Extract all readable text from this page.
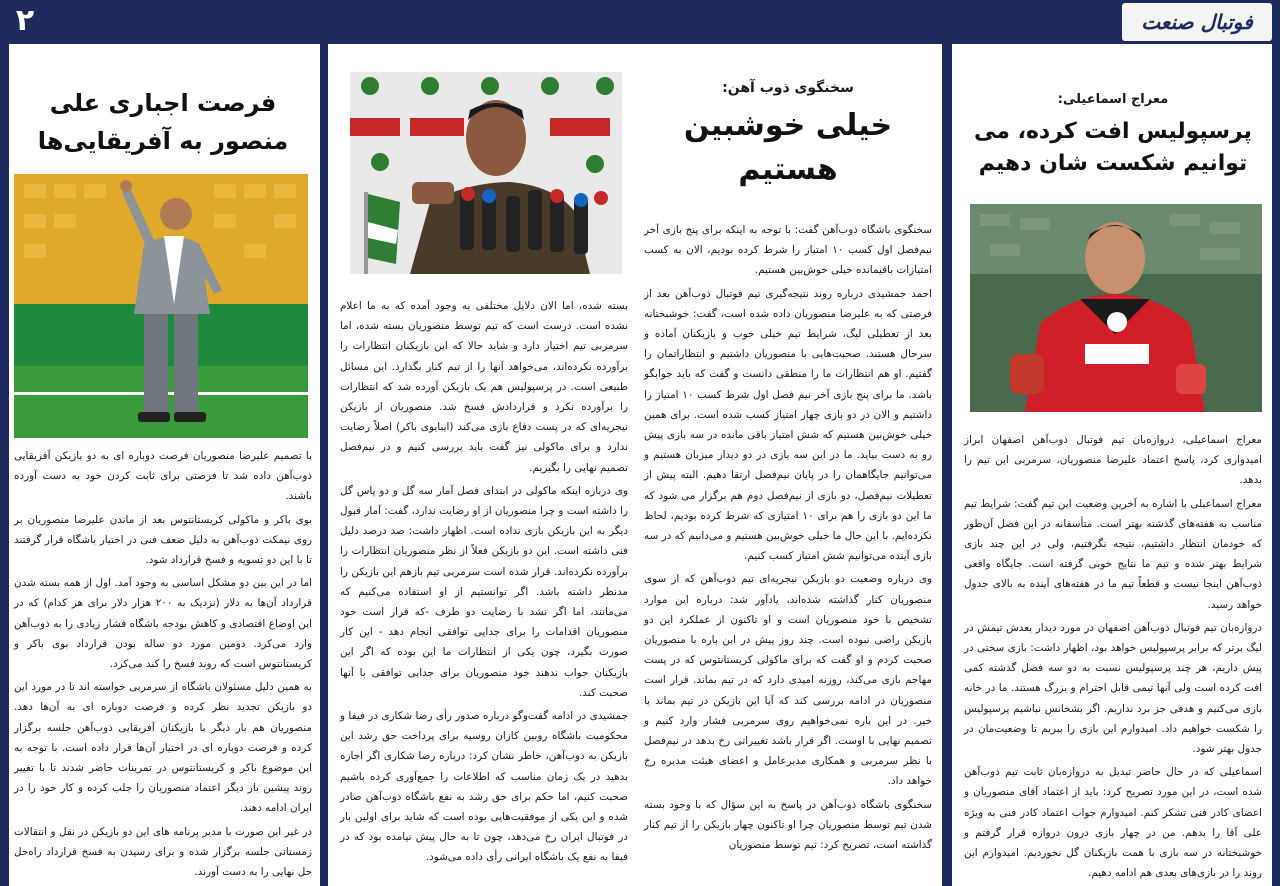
۲	فوتبال صنعت
معراج اسماعیلی:
پرسپولیس افت کرده، می توانیم شکست شان دهیم

معراج اسماعیلی، دروازه‌بان تیم فوتبال ذوب‌آهن اصفهان ابراز امیدواری کرد، پاسخ اعتماد علیرضا منصوریان، سرمربی این تیم را بدهد.

معراج اسماعیلی با اشاره به آخرین وضعیت این تیم گفت: شرایط تیم مناسب به هفته‌های گذشته بهتر است. متأسفانه در این فصل آن‌طور که خودمان انتظار داشتیم، نتیجه نگرفتیم، ولی در این چند بازی شرایط بهتر شده و تیم ما نتایج خوبی گرفته است. جایگاه واقعی ذوب‌آهن اینجا نیست و قطعاً تیم ما در هفته‌های آینده به بالای جدول خواهد رسید.

دروازه‌بان تیم فوتبال ذوب‌آهن اصفهان در مورد دیدار بعدش تیمش در لیگ برتر که برابر پرسپولیس خواهد بود، اظهار داشت: بازی سختی در پیش داریم، هر چند پرسپولیس نسبت به دو سه فصل گذشته کمی افت کرده است ولی آنها تیمی قابل احترام و بزرگ هستند. ما در خانه بازی می‌کنیم و هدفی جز برد نداریم. اگر بشخانس نباشیم پرسپولیس را شکست خواهیم داد. امیدوارم این بازی را ببریم تا وضعیت‌مان در جدول بهتر شود.

اسماعیلی که در حال حاضر تبدیل به دروازه‌بان ثابت تیم ذوب‌آهن شده است، در این مورد تصریح کرد: باید از اعتماد آقای منصوریان و اعضای کادر فنی تشکر کنم. امیدوارم جواب اعتماد کادر فنی به ویژه علی آقا را بدهم. من در چهار بازی درون دروازه قرار گرفتم و خوشبختانه در سه بازی با همت بازیکنان گل نخوردیم. امیدوارم این روند را در بازی‌های بعدی هم ادامه دهیم.

سخنگوی ذوب آهن:
خیلی خوشبین هستیم

سخنگوی باشگاه ذوب‌آهن گفت: با توجه به اینکه برای پنج بازی آخر نیم‌فصل اول کسب ۱۰ امتیاز را شرط کرده بودیم، الان به کسب امتیازات باقیمانده خیلی خوش‌بین هستیم.

احمد جمشیدی درباره روند نتیجه‌گیری تیم فوتبال ذوب‌آهن بعد از فرصتی که به علیرضا منصوریان داده شده است، گفت: خوشبختانه بعد از تعطیلی لیگ، شرایط تیم خیلی خوب و بازیکنان آماده و سرحال هستند. صحبت‌هایی با منصوریان داشتیم و انتظاراتمان را گفتیم. او هم انتظارات ما را منطقی دانست و گفت که باید جوابگو باشد. ما برای پنج بازی آخر نیم فصل اول شرط کسب ۱۰ امتیاز را داشتیم و الان در دو بازی چهار امتیاز کسب شده است. برای همین خیلی خوش‌بین هستیم که شش امتیاز باقی مانده در سه بازی پیش رو به دست بیاید. ما در این سه بازی در دو دیدار میزبان هستیم و می‌توانیم جایگاهمان را در پایان نیم‌فصل ارتقا دهیم. البته پیش از تعطیلات نیم‌فصل، دو بازی از نیم‌فصل دوم هم برگزار می شود که ما این دو بازی را هم برای ۱۰ امتیازی که شرط کرده بودیم، لحاظ نکرده‌ایم. با این حال ما خیلی خوش‌بین هستیم و می‌دانیم که در سه بازی آینده می‌توانیم شش امتیاز کسب کنیم.

وی درباره وضعیت دو بازیکن نیجریه‌ای تیم ذوب‌آهن که از سوی منصوریان کنار گذاشته شده‌اند، یادآور شد: درباره این موارد تشخیص با خود منصوریان است و او تاکنون از عملکرد این دو بازیکن راضی نبوده است. چند روز پیش در این باره با منصوریان صحبت کردم و او گفت که برای ماکولی کریستانتوس که در پست مهاجم بازی می‌کند، روزنه امیدی دارد که در تیم بماند. قرار است منصوریان در ادامه بررسی کند که آیا این بازیکن در تیم بماند یا خیر. در این باره نمی‌خواهیم روی سرمربی فشار وارد کنیم و تصمیم نهایی با اوست. اگر قرار باشد تغییراتی رخ بدهد در نیم‌فصل با نظر سرمربی و همکاری مدیرعامل و اعضای هیئت مدیره رخ خواهد داد.

سخنگوی باشگاه ذوب‌آهن در پاسخ به این سؤال که با وجود بسته شدن تیم توسط منصوریان چرا او تاکنون چهار بازیکن را از تیم کنار گذاشته است، تصریح کرد: تیم توسط منصوریان

بسته شده، اما الان دلایل مختلفی به وجود آمده که به ما اعلام نشده است. درست است که تیم توسط منصوریان بسته شده، اما سرمربی تیم اختیار دارد و شاید حالا که این بازیکنان انتظارات را برآورده نکرده‌اند، می‌خواهد آنها را از تیم کنار بگذارد. این مسائل طبیعی است. در پرسپولیس هم یک بازیکن آورده شد که انتظارات را برآورده نکرد و قراردادش فسخ شد. منصوریان از بازیکن نیجریه‌ای که در پست دفاع بازی می‌کند (ایبایوی باکر) اصلاً رضایت ندارد و برای ماکولی نیز گفت باید بررسی کنیم و در نیم‌فصل تصمیم نهایی را بگیریم.

وی درباره اینکه ماکولی در ابتدای فصل آمار سه گل و دو پاس گل را داشته است و چرا منصوریان از او رضایت ندارد، گفت: آمار قبول دیگر به این بازیکن بازی نداده است. اظهار داشت: صد درصد دلیل فنی داشته است. این دو بازیکن فعلاً از نظر منصوریان انتظارات را برآورده نکرده‌اند. قرار شده است سرمربی تیم بازهم این بازیکن را مدنظر داشته باشد. اگر توانستیم از او استفاده می‌کنیم که می‌مانند، اما اگر نشد با رضایت دو طرف -که قرار است خود منصوریان اقدامات را برای جدایی توافقی انجام دهد - این کار صورت بگیرد، چون یکی از انتظارات ما این بوده که اگر این بازیکنان جواب ندهند خود منصوریان برای جدایی توافقی با آنها صحبت کند.

جمشیدی در ادامه گفت‌وگو درباره صدور رأی رضا شکاری در فیفا و محکومیت باشگاه روبین کازان روسیه برای پرداخت حق رشد این بازیکن به ذوب‌آهن، خاطر نشان کرد: درباره رضا شکاری اگر اجازه بدهید در یک زمان مناسب که اطلاعات را جمع‌آوری کرده باشیم صحبت کنیم، اما حکم برای حق رشد به نفع باشگاه ذوب‌آهن صادر شده و این یکی از موفقیت‌هایی بوده است که شاید برای اولین بار در فوتبال ایران رخ می‌دهد، چون تا به حال پیش نیامده بود که در فیفا به نفع یک باشگاه ایرانی رأی داده می‌شود.

فرصت اجباری علی منصور به آفریقایی‌ها

با تصمیم علیرضا منصوریان فرصت دوباره ای به دو بازیکن آفریقایی ذوب‌آهن داده شد تا فرصتی برای ثابت کردن خود به دست آورده باشند.

بوی باکر و ماکولی کریستانتوس بعد از ماندن علیرضا منصوریان بر روی نیمکت ذوب‌آهن به دلیل ضعف فنی در اختیار باشگاه قرار گرفتند تا با این دو تسویه و فسخ قرارداد شود.

اما در این بین دو مشکل اساسی به وجود آمد. اول از همه بسته شدن قرارداد آن‌ها به دلار (نزدیک به ۲۰۰ هزار دلار برای هر کدام) که در این اوضاع اقتصادی و کاهش بودجه باشگاه فشار زیادی را به ذوب‌آهن وارد می‌کرد. دومین مورد دو ساله بودن قرارداد بوی باکر و کریستانتوس است که روند فسخ را کند می‌کرد.

به همین دلیل مسئولان باشگاه از سرمربی خواسته اند تا در مورد این دو بازیکن تجدید نظر کرده و فرصت دوباره ای به آن‌ها دهد. منصوریان هم بار دیگر با بازیکنان آفریقایی ذوب‌آهن جلسه برگزار کرده و فرصت دوباره ای در اختیار آن‌ها قرار داده است. با توجه به این موضوع باکر و کریستانتوس در تمرینات حاضر شدند تا با تغییر روند پیشین بار دیگر اعتماد منصوریان را جلب کرده و کار خود را در ایران ادامه دهند.

در غیر این صورت با مدیر برنامه های این دو بازیکن در نقل و انتقالات زمستانی جلسه برگزار شده و برای رسیدن به فسخ قرارداد راه‌حل حل نهایی را به دست آورند.
